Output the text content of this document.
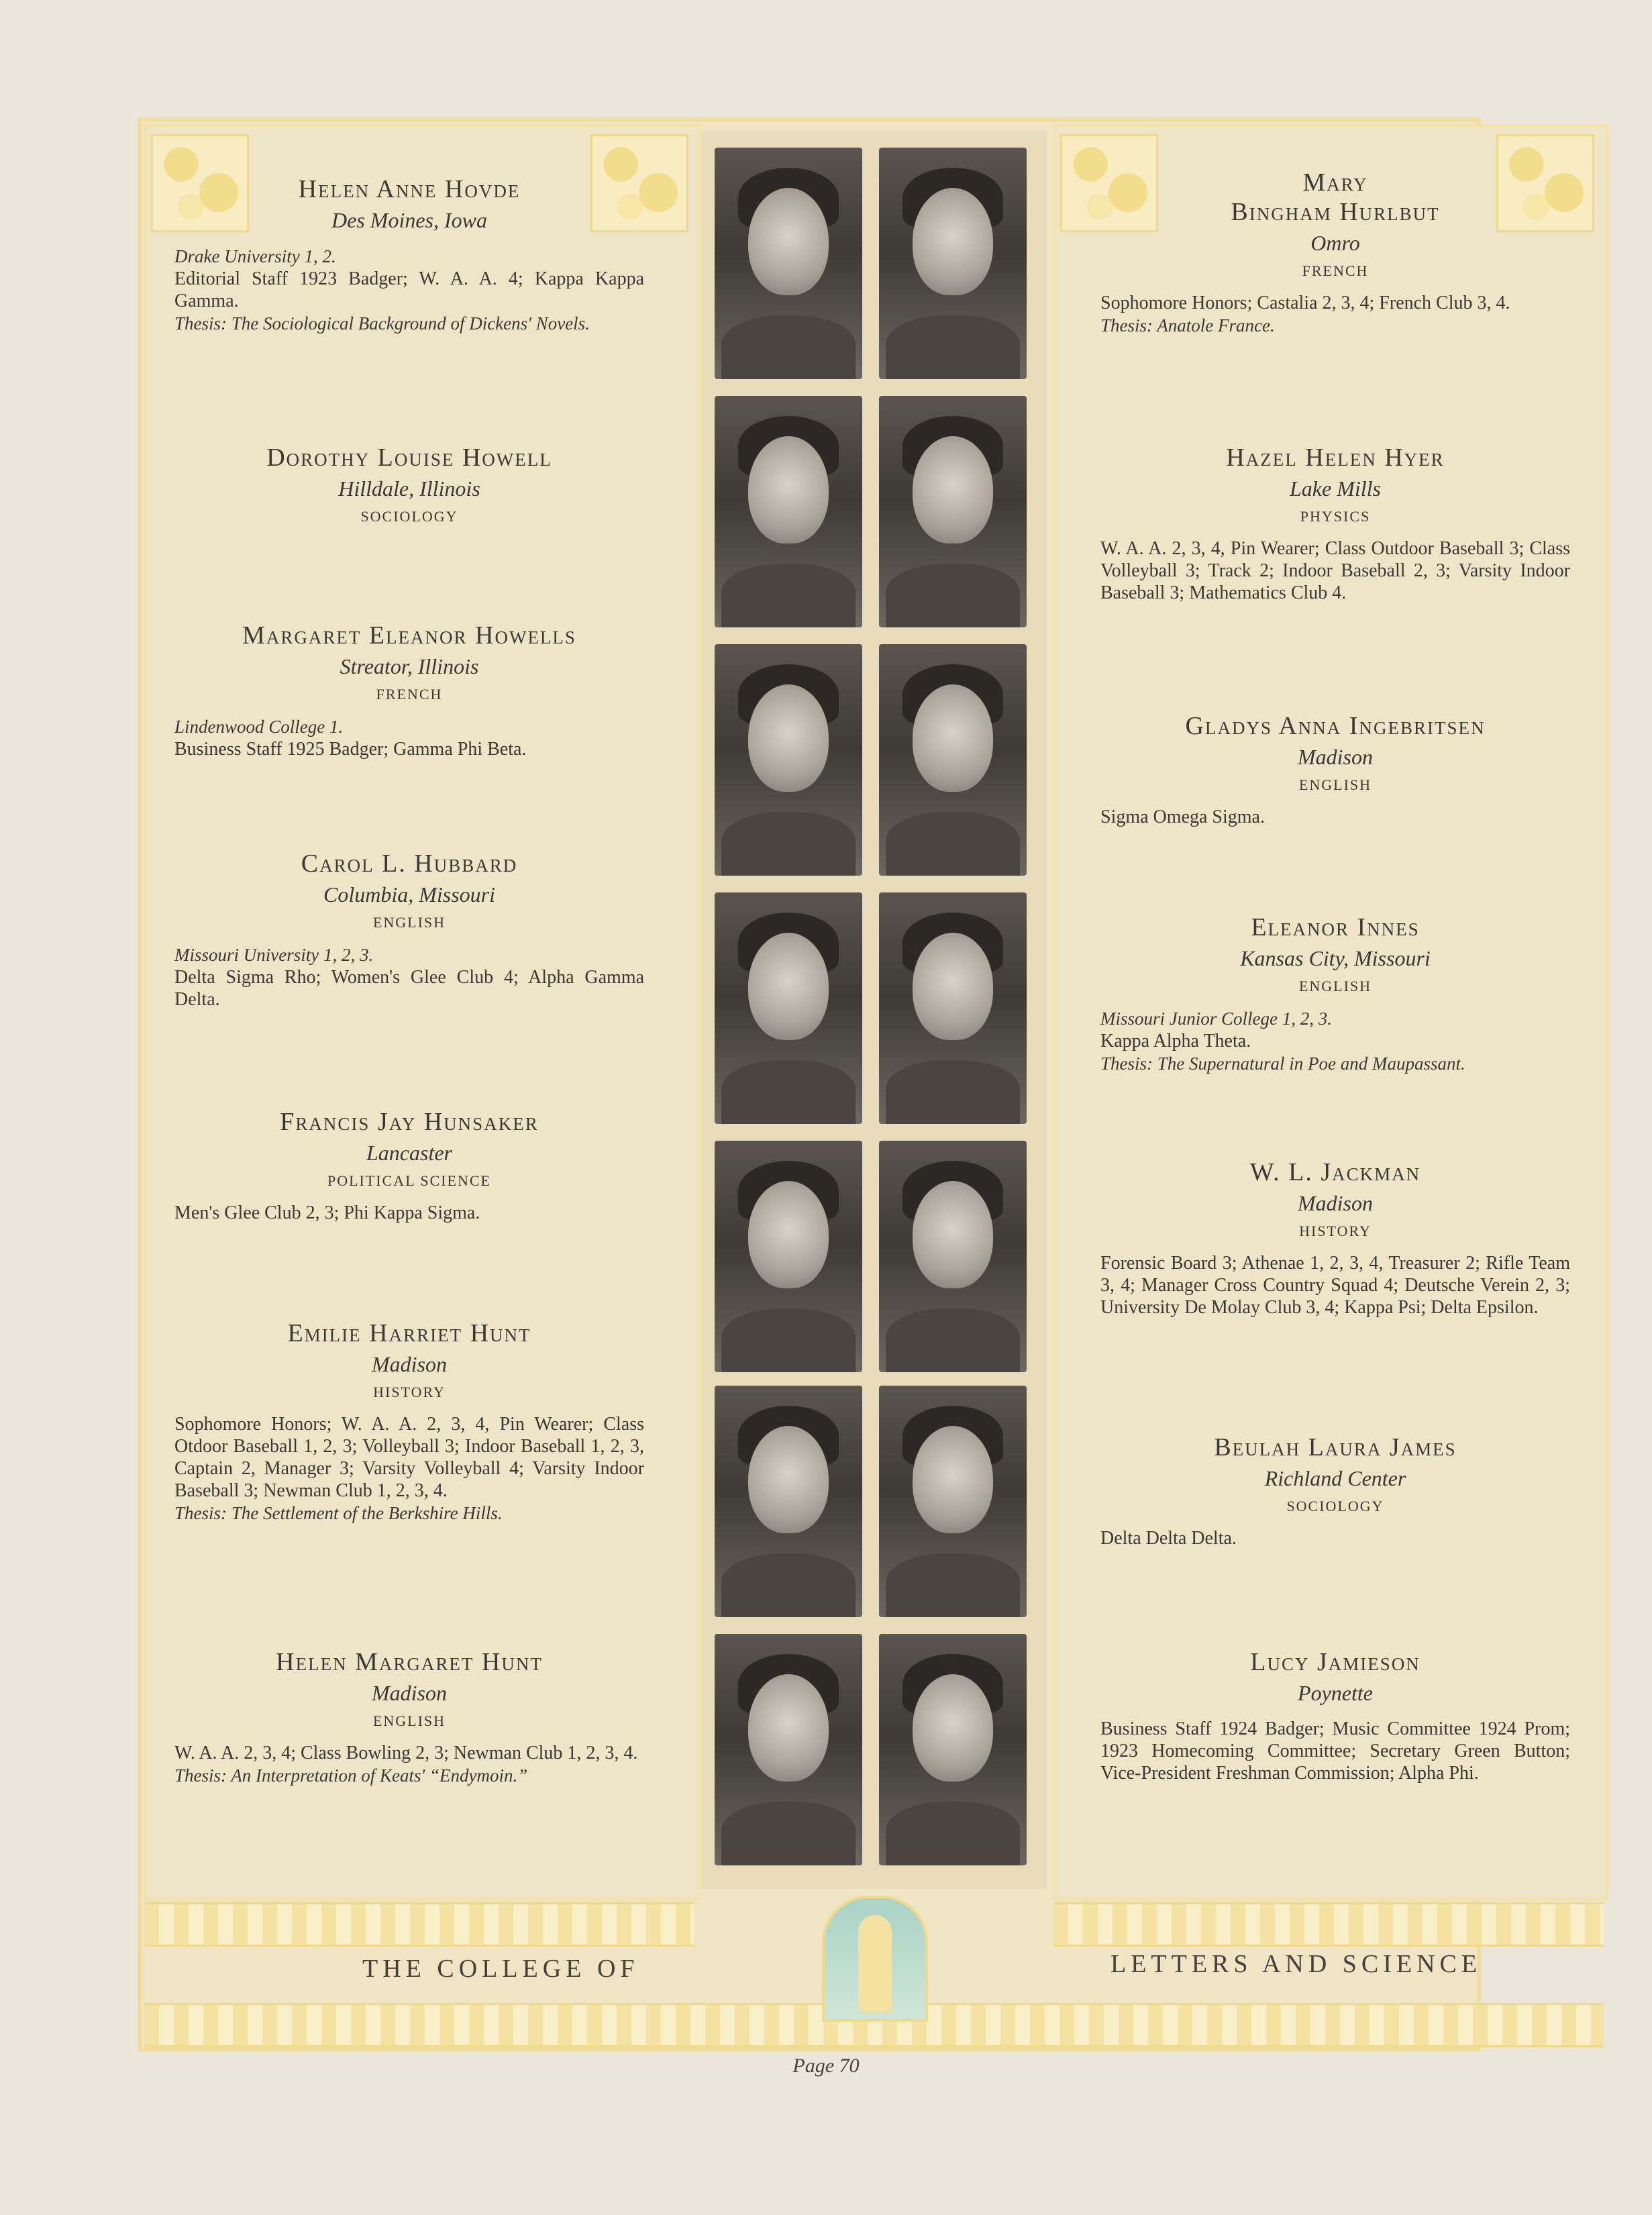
Helen Anne Hovde
Des Moines, Iowa
Drake University 1, 2.
Editorial Staff 1923 Badger; W. A. A. 4; Kappa Kappa Gamma.
Thesis: The Sociological Background of Dickens' Novels.
Dorothy Louise Howell
Hilldale, Illinois
SOCIOLOGY
Margaret Eleanor Howells
Streator, Illinois
FRENCH
Lindenwood College 1.
Business Staff 1925 Badger; Gamma Phi Beta.
Carol L. Hubbard
Columbia, Missouri
ENGLISH
Missouri University 1, 2, 3.
Delta Sigma Rho; Women's Glee Club 4; Alpha Gamma Delta.
Francis Jay Hunsaker
Lancaster
POLITICAL SCIENCE
Men's Glee Club 2, 3; Phi Kappa Sigma.
Emilie Harriet Hunt
Madison
HISTORY
Sophomore Honors; W. A. A. 2, 3, 4, Pin Wearer; Class Otdoor Baseball 1, 2, 3; Volleyball 3; Indoor Baseball 1, 2, 3, Captain 2, Manager 3; Varsity Volleyball 4; Varsity Indoor Baseball 3; Newman Club 1, 2, 3, 4.
Thesis: The Settlement of the Berkshire Hills.
Helen Margaret Hunt
Madison
ENGLISH
W. A. A. 2, 3, 4; Class Bowling 2, 3; Newman Club 1, 2, 3, 4.
Thesis: An Interpretation of Keats' “Endymoin.”
Mary
Bingham Hurlbut
Omro
FRENCH
Sophomore Honors; Castalia 2, 3, 4; French Club 3, 4.
Thesis: Anatole France.
Hazel Helen Hyer
Lake Mills
PHYSICS
W. A. A. 2, 3, 4, Pin Wearer; Class Outdoor Baseball 3; Class Volleyball 3; Track 2; Indoor Baseball 2, 3; Varsity Indoor Baseball 3; Mathematics Club 4.
Gladys Anna Ingebritsen
Madison
ENGLISH
Sigma Omega Sigma.
Eleanor Innes
Kansas City, Missouri
ENGLISH
Missouri Junior College 1, 2, 3.
Kappa Alpha Theta.
Thesis: The Supernatural in Poe and Maupassant.
W. L. Jackman
Madison
HISTORY
Forensic Board 3; Athenae 1, 2, 3, 4, Treasurer 2; Rifle Team 3, 4; Manager Cross Country Squad 4; Deutsche Verein 2, 3; University De Molay Club 3, 4; Kappa Psi; Delta Epsilon.
Beulah Laura James
Richland Center
SOCIOLOGY
Delta Delta Delta.
Lucy Jamieson
Poynette
Business Staff 1924 Badger; Music Committee 1924 Prom; 1923 Homecoming Committee; Secretary Green Button; Vice-President Freshman Commission; Alpha Phi.
THE COLLEGE OF	LETTERS AND SCIENCE
Page 70
